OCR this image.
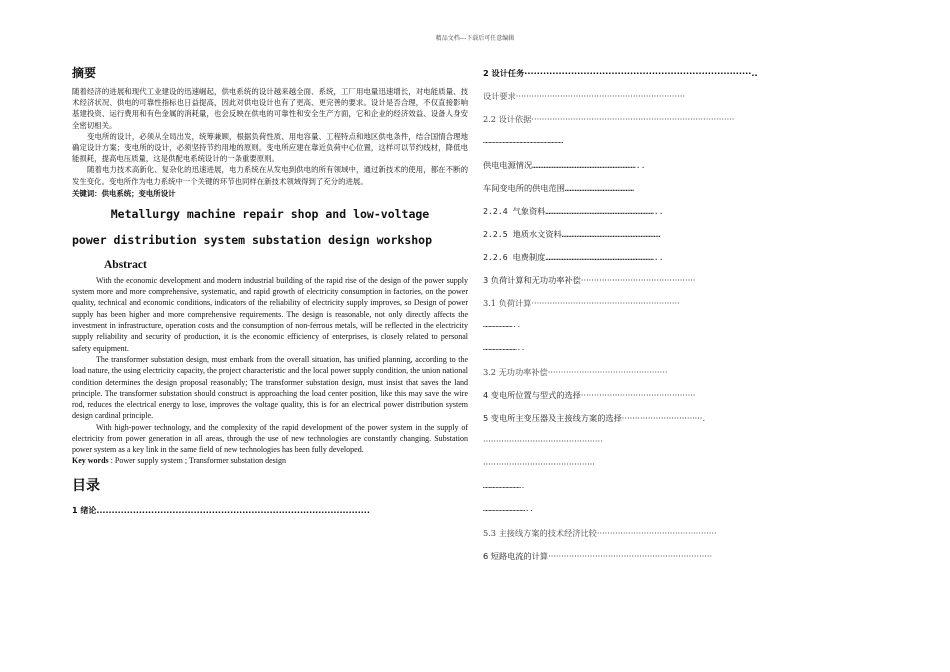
精品文档---下载后可任意编辑

摘要

随着经济的进展和现代工业建设的迅速崛起，供电系统的设计越来越全面、系统，工厂用电量迅速增长，对电能质量、技术经济状况、供电的可靠性指标也日益提高，因此对供电设计也有了更高、更完善的要求。设计是否合理，不仅直接影响基建投资、运行费用和有色金属的消耗量，也会反映在供电的可靠性和安全生产方面，它和企业的经济效益、设备人身安全密切相关。

变电所的设计，必须从全局出发，统筹兼顾，根据负荷性质、用电容量、工程特点和地区供电条件，结合国情合理地确定设计方案；变电所的设计，必须坚持节约用地的原则。变电所应建在靠近负荷中心位置，这样可以节约线材，降低电能损耗，提高电压质量，这是供配电系统设计的一条重要原则。

随着电力技术高新化、复杂化的迅速进展，电力系统在从发电到供电的所有领域中，通过新技术的使用，都在不断的发生变化。变电所作为电力系统中一个关键的环节也同样在新技术领域得到了充分的进展。

关键词：供电系统；变电所设计

Metallurgy machine repair shop and low-voltage

power distribution system substation design workshop

Abstract

With the economic development and modern industrial building of the rapid rise of the design of the power supply system more and more comprehensive, systematic, and rapid growth of electricity consumption in factories, on the power quality, technical and economic conditions, indicators of the reliability of electricity supply improves, so Design of power supply has been higher and more comprehensive requirements. The design is reasonable, not only directly affects the investment in infrastructure, operation costs and the consumption of non-ferrous metals, will be reflected in the electricity supply reliability and security of production, it is the economic efficiency of enterprises, is closely related to personal safety equipment.

The transformer substation design, must embark from the overall situation, has unified planning, according to the load nature, the using electricity capacity, the project characteristic and the local power supply condition, the union national condition determines the design proposal reasonably; The transformer substation design, must insist that saves the land principle. The transformer substation should construct is approaching the load center position, like this may save the wire rod, reduces the electrical energy to lose, improves the voltage quality, this is for an electrical power distribution system design cardinal principle.

With high-power technology, and the complexity of the rapid development of the power system in the supply of electricity from power generation in all areas, through the use of new technologies are constantly changing. Substation power system as a key link in the same field of new technologies has been fully developed.

Key words : Power supply system ; Transformer substation design

目录

1 绪论..........................................................................................

2 设计任务·········································································..

设计要求·································································

2.2 设计依据··············································································

…………………………………………………

供电电源情况………………………………………………………..

车间变电所的供电范围……………………………………

2.2.4 气象资料…………………………………………………………..

2.2.5 地质水文资料……………………………………………………

2.2.6 电费制度…………………………………………………………..

3 负荷计算和无功功率补偿············································

3.1 负荷计算·························································

…………………..

……………………..

3.2 无功功率补偿··············································

4 变电所位置与型式的选择············································

5 变电所主变压器及主接线方案的选择·······························.

··············································

···········································

……………………….

…………………………..

5.3 主接线方案的技术经济比较··············································

6 短路电流的计算·······························································
